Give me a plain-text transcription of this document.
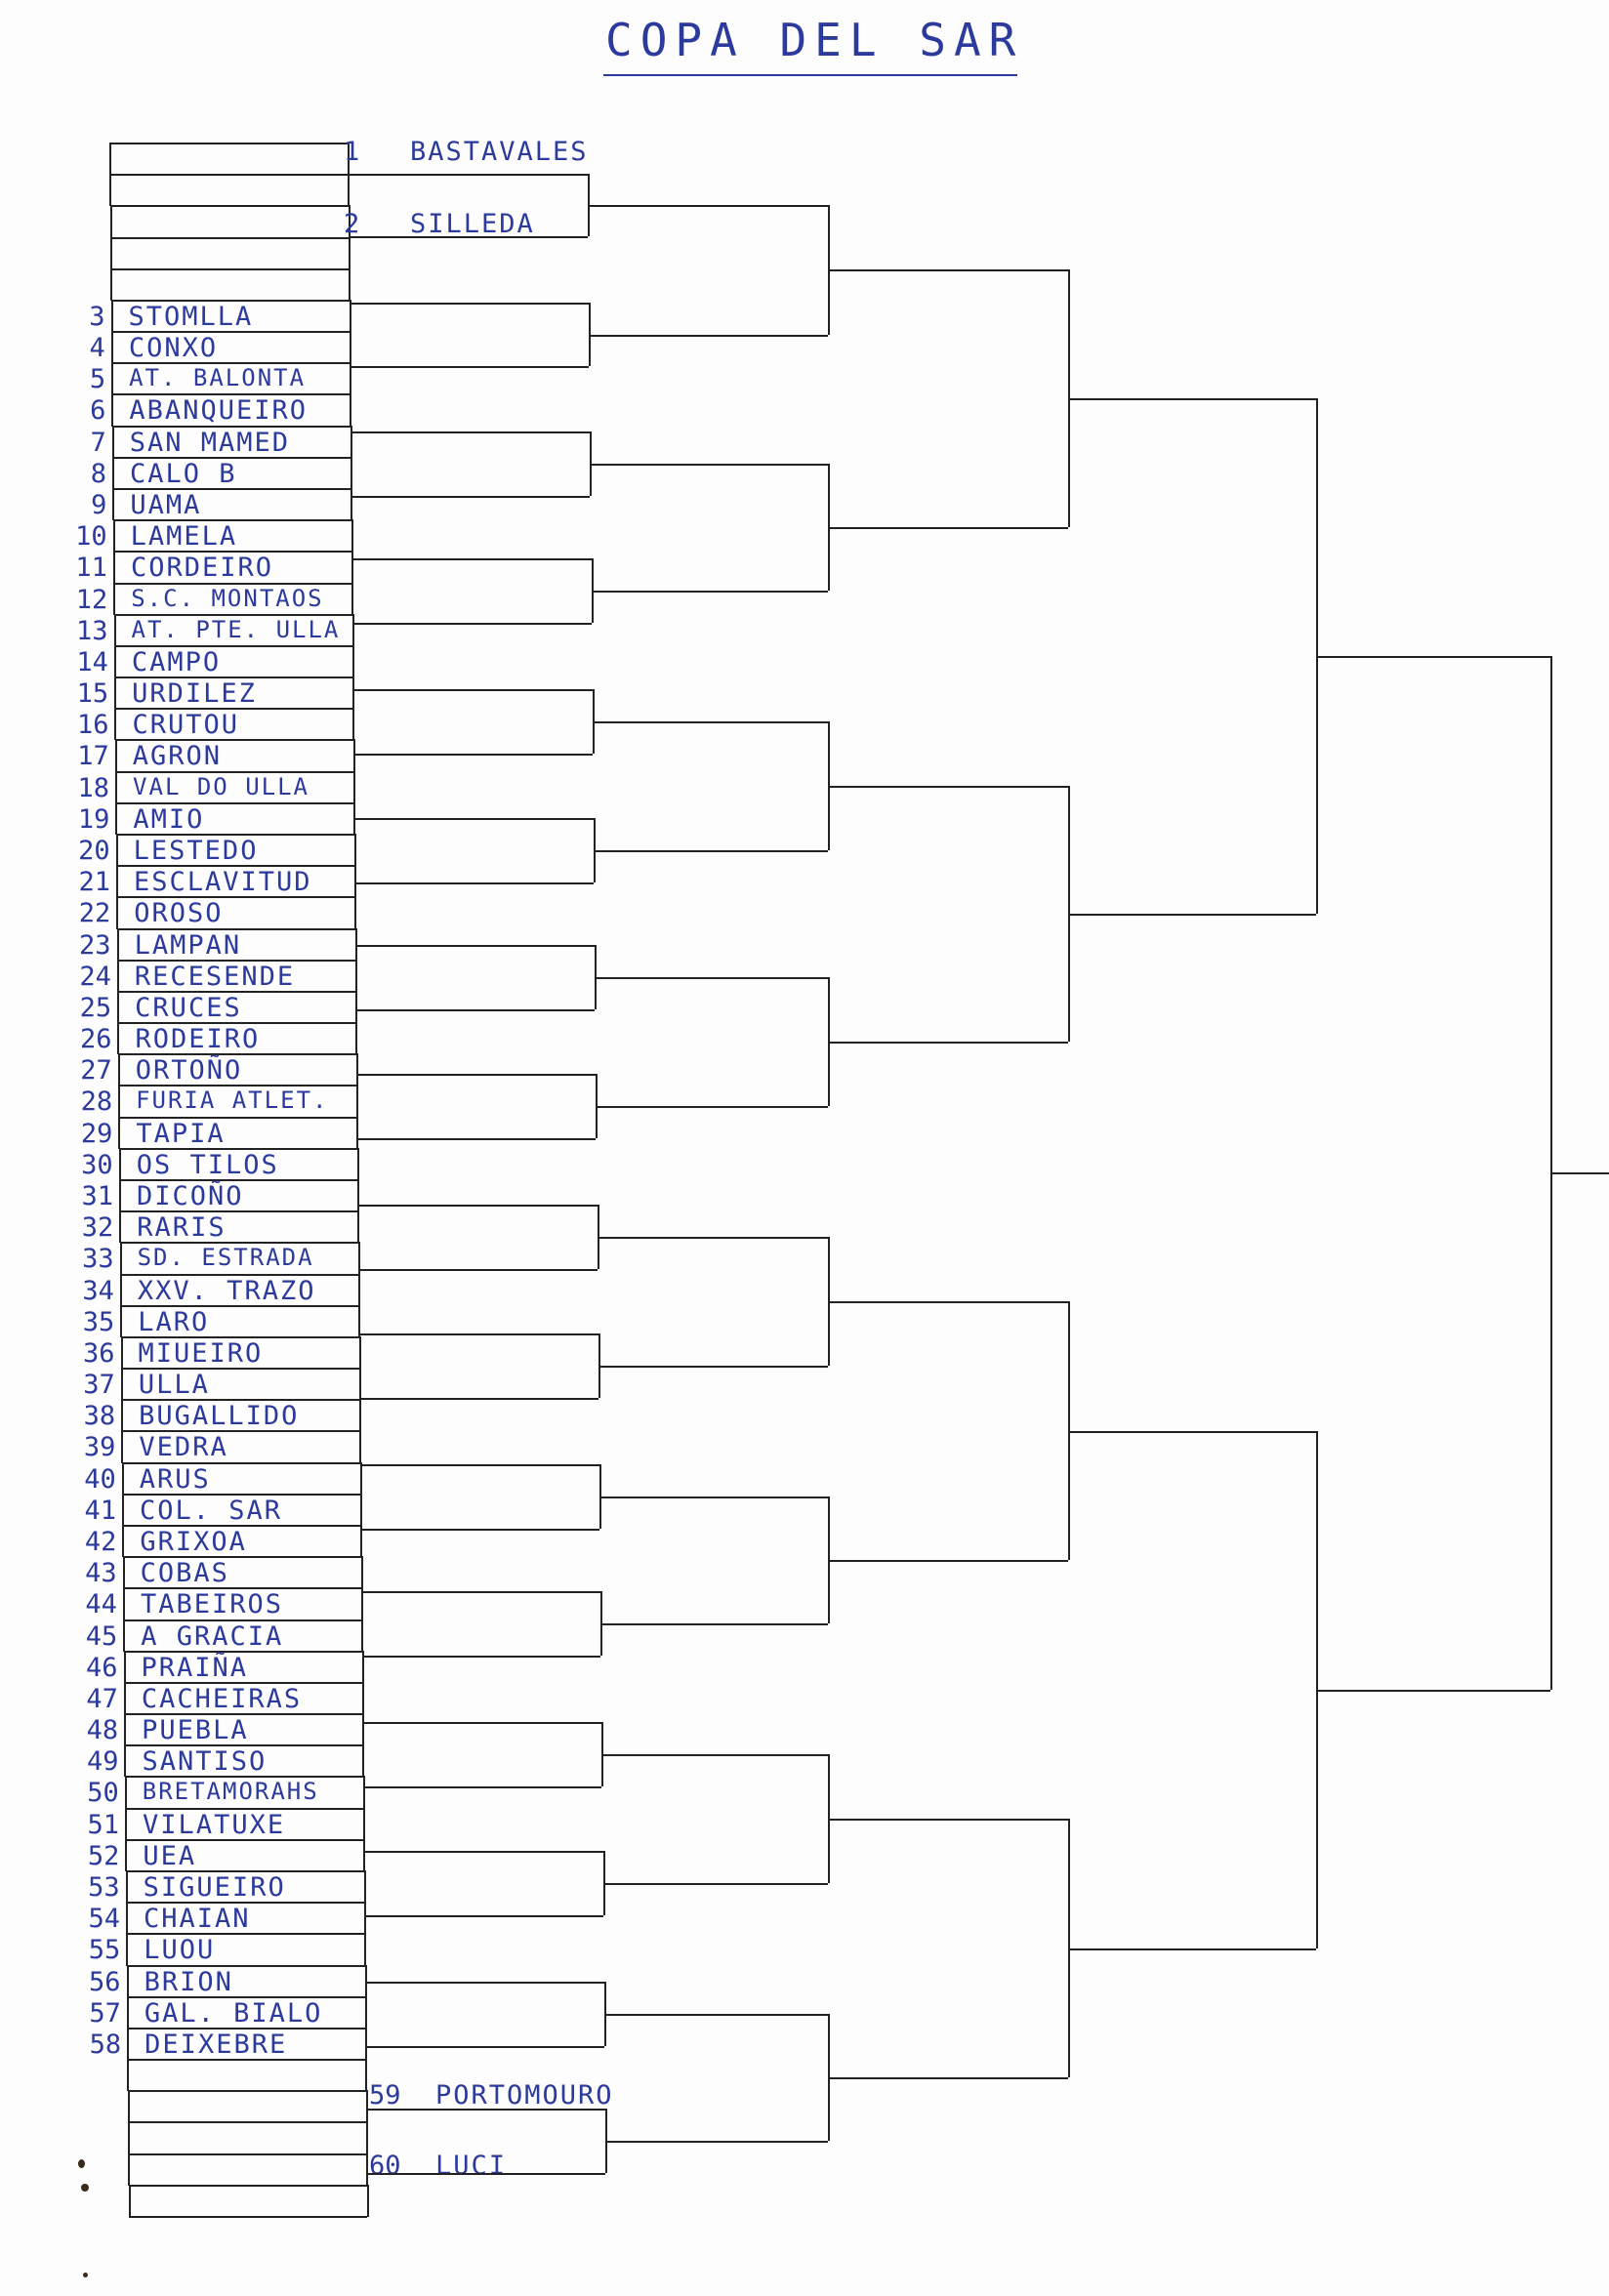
COPA DEL SAR
1	BASTAVALES
2	SILLEDA
3 STOMLLA
4 CONXO
5 AT. BALONTA
6 ABANQUEIRO
7 SAN MAMED
8 CALO B
9 UAMA
10 LAMELA
11 CORDEIRO
12 S.C. MONTAOS
13 AT. PTE. ULLA
14 CAMPO
15 URDILEZ
16 CRUTOU
17 AGRON
18 VAL DO ULLA
19 AMIO
20 LESTEDO
21 ESCLAVITUD
22 OROSO
23 LAMPAN
24 RECESENDE
25 CRUCES
26 RODEIRO
27 ORTOÑO
28 FURIA ATLET.
29 TAPIA
30 OS TILOS
31 DICOÑO
32 RARIS
33 SD. ESTRADA
34 XXV. TRAZO
35 LARO
36 MIUEIRO
37 ULLA
38 BUGALLIDO
39 VEDRA
40 ARUS
41 COL. SAR
42 GRIXOA
43 COBAS
44 TABEIROS
45 A GRACIA
46 PRAIÑA
47 CACHEIRAS
48 PUEBLA
49 SANTISO
50 BRETAMORAHS
51 VILATUXE
52 UEA
53 SIGUEIRO
54 CHAIAN
55 LUOU
56 BRION
57 GAL. BIALO
58 DEIXEBRE
59	PORTOMOURO
60	LUCI
